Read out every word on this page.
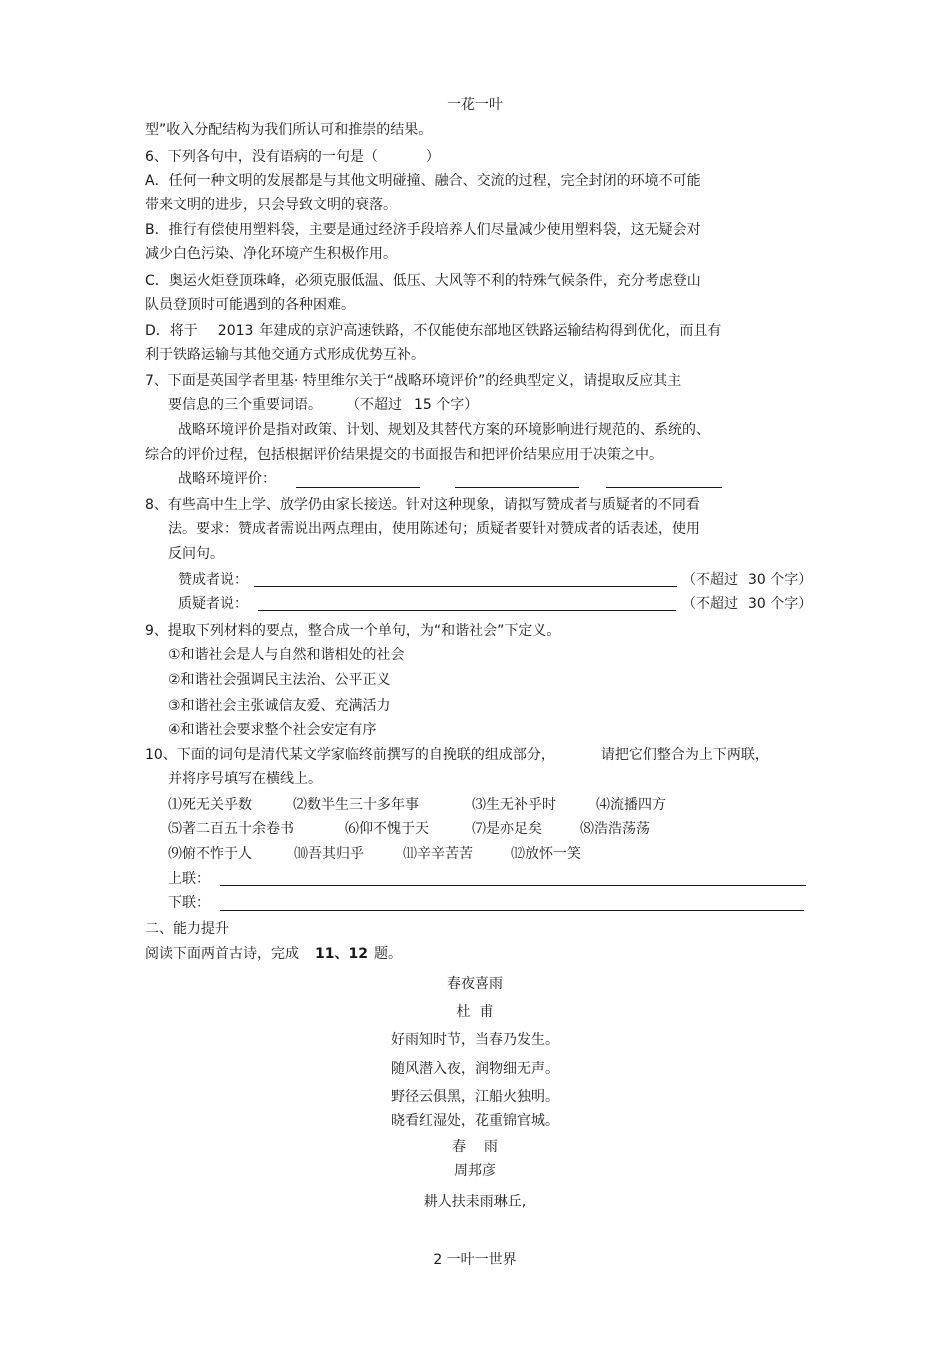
一花一叶
型”收入分配结构为我们所认可和推崇的结果。
6、下列各句中，没有语病的一句是（	）
A．任何一种文明的发展都是与其他文明碰撞、融合、交流的过程，完全封闭的环境不可能
带来文明的进步，只会导致文明的衰落。
B．推行有偿使用塑料袋，主要是通过经济手段培养人们尽量减少使用塑料袋，这无疑会对
减少白色污染、净化环境产生积极作用。
C．奥运火炬登顶珠峰，必须克服低温、低压、大风等不利的特殊气候条件，充分考虑登山
队员登顶时可能遇到的各种困难。
D．将于 2013 年建成的京沪高速铁路，不仅能使东部地区铁路运输结构得到优化，而且有
利于铁路运输与其他交通方式形成优势互补。
7、下面是英国学者里基· 特里维尔关于“战略环境评价”的经典型定义，请提取反应其主
要信息的三个重要词语。 （不超过 15 个字）
战略环境评价是指对政策、计划、规划及其替代方案的环境影响进行规范的、系统的、
综合的评价过程，包括根据评价结果提交的书面报告和把评价结果应用于决策之中。
战略环境评价：
8、有些高中生上学、放学仍由家长接送。针对这种现象，请拟写赞成者与质疑者的不同看
法。要求：赞成者需说出两点理由，使用陈述句；质疑者要针对赞成者的话表述，使用
反问句。
赞成者说：	（不超过 30 个字）
质疑者说：	（不超过 30 个字）
9、提取下列材料的要点，整合成一个单句，为“和谐社会”下定义。
①和谐社会是人与自然和谐相处的社会
②和谐社会强调民主法治、公平正义
③和谐社会主张诚信友爱、充满活力
④和谐社会要求整个社会安定有序
10、下面的词句是清代某文学家临终前撰写的自挽联的组成部分，	请把它们整合为上下两联，
并将序号填写在横线上。
⑴死无关乎数	⑵数半生三十多年事	⑶生无补乎时	⑷流播四方
⑸著二百五十余卷书	⑹仰不愧于天	⑺是亦足矣	⑻浩浩荡荡
⑼俯不怍于人	⑽吾其归乎	⑾辛辛苦苦	⑿放怀一笑
上联：
下联：
二、能力提升
阅读下面两首古诗，完成 11、12 题。
春夜喜雨
杜  甫
好雨知时节，当春乃发生。
随风潜入夜，润物细无声。
野径云俱黑，江船火独明。
晓看红湿处，花重锦官城。
春    雨
周邦彦
耕人扶耒雨琳丘,
2 一叶一世界
